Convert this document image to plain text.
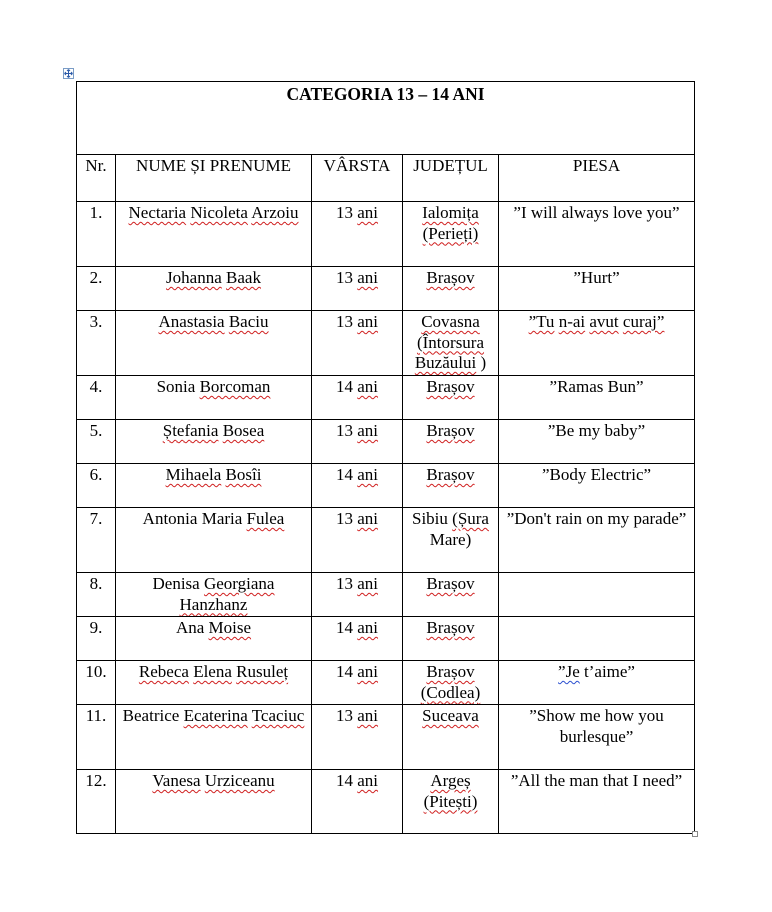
CATEGORIA 13 – 14 ANI				
Nr.	NUME ȘI PRENUME	VÂRSTA	JUDEȚUL	PIESA
1.	Nectaria Nicoleta Arzoiu	13 ani	Ialomița (Perieți)	”I will always love you”
2.	Johanna Baak	13 ani	Brașov	”Hurt”
3.	Anastasia Baciu	13 ani	Covasna (Întorsura Buzăului )	”Tu n-ai avut curaj”
4.	Sonia Borcoman	14 ani	Brașov	”Ramas Bun”
5.	Ștefania Bosea	13 ani	Brașov	”Be my baby”
6.	Mihaela Bosîi	14 ani	Brașov	”Body Electric”
7.	Antonia Maria Fulea	13 ani	Sibiu (Șura Mare)	”Don't rain on my parade”
8.	Denisa Georgiana Hanzhanz	13 ani	Brașov	
9.	Ana Moise	14 ani	Brașov	
10.	Rebeca Elena Rusuleț	14 ani	Brașov (Codlea)	”Je t’aime”
11.	Beatrice Ecaterina Tcaciuc	13 ani	Suceava	”Show me how you burlesque”
12.	Vanesa Urziceanu	14 ani	Argeș (Pitești)	”All the man that I need”
